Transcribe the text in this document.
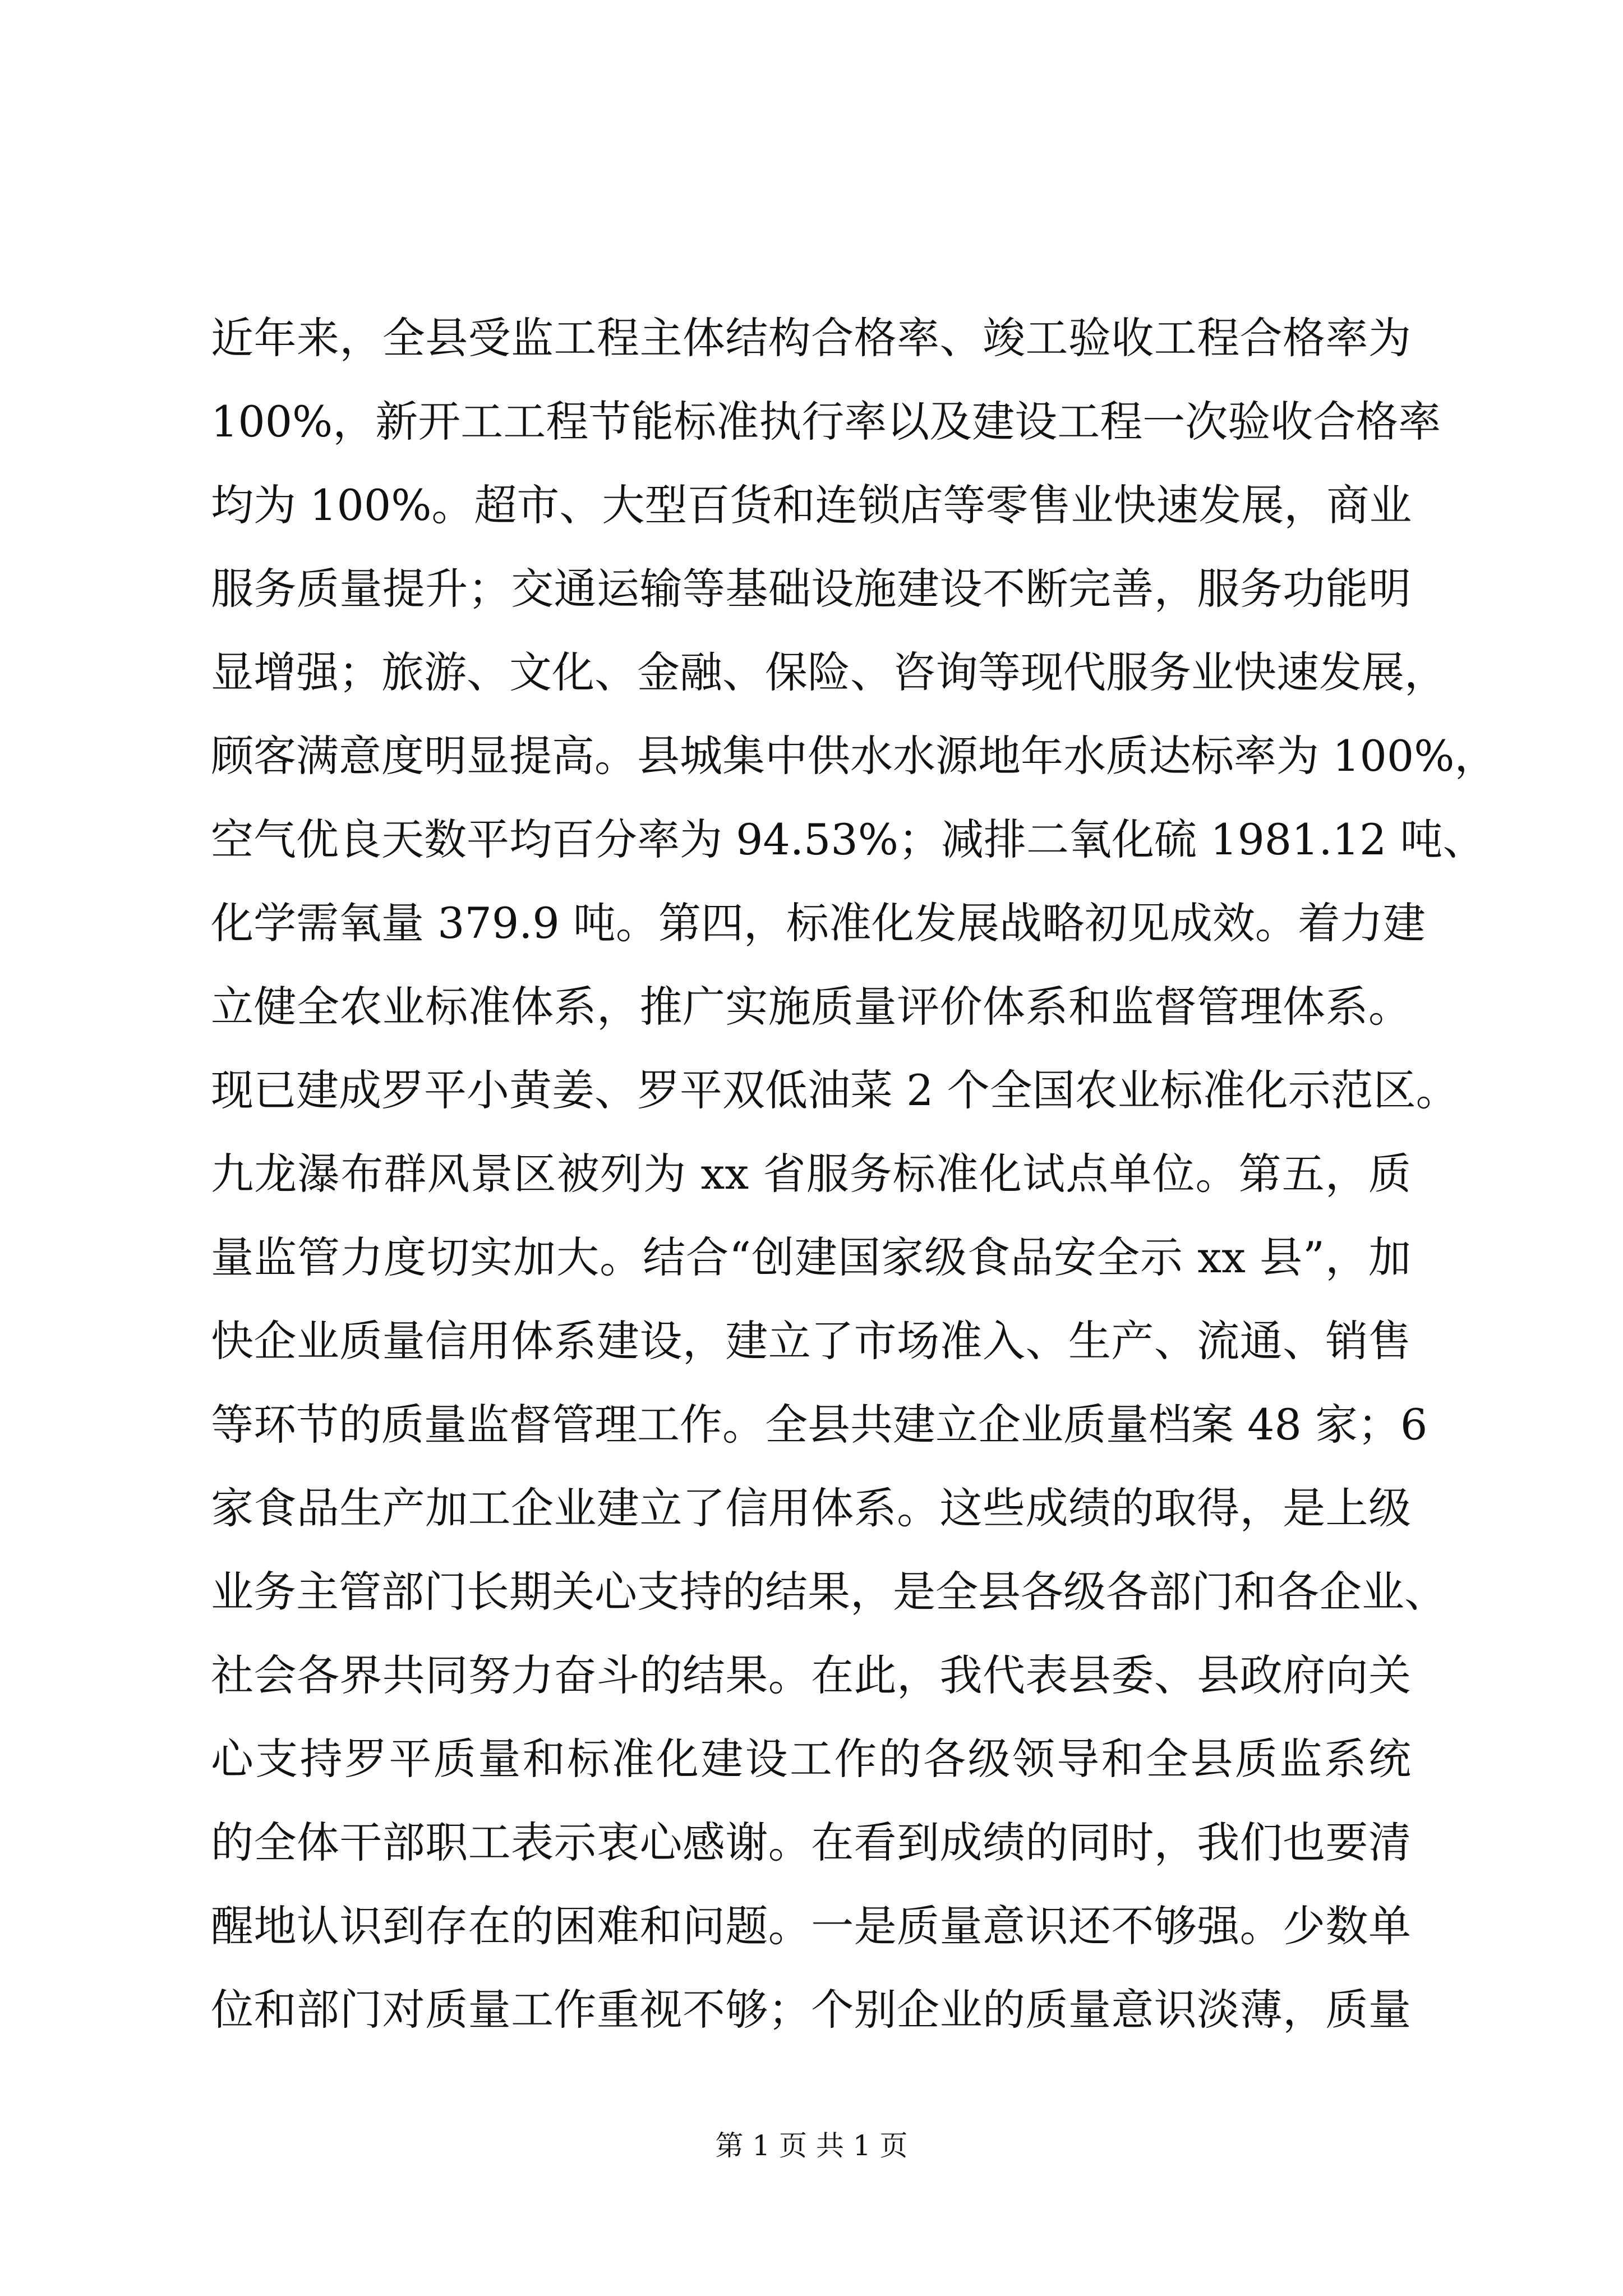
近年来，全县受监工程主体结构合格率、竣工验收工程合格率为
100%，新开工工程节能标准执行率以及建设工程一次验收合格率
均为 100%。超市、大型百货和连锁店等零售业快速发展，商业
服务质量提升；交通运输等基础设施建设不断完善，服务功能明
显增强；旅游、文化、金融、保险、咨询等现代服务业快速发展，
顾客满意度明显提高。县城集中供水水源地年水质达标率为 100%，
空气优良天数平均百分率为 94.53%；减排二氧化硫 1981.12 吨、
化学需氧量 379.9 吨。第四，标准化发展战略初见成效。着力建
立健全农业标准体系，推广实施质量评价体系和监督管理体系。
现已建成罗平小黄姜、罗平双低油菜 2 个全国农业标准化示范区。
九龙瀑布群风景区被列为 xx 省服务标准化试点单位。第五，质
量监管力度切实加大。结合“创建国家级食品安全示 xx 县”，加
快企业质量信用体系建设，建立了市场准入、生产、流通、销售
等环节的质量监督管理工作。全县共建立企业质量档案 48 家；6
家食品生产加工企业建立了信用体系。这些成绩的取得，是上级
业务主管部门长期关心支持的结果，是全县各级各部门和各企业、
社会各界共同努力奋斗的结果。在此，我代表县委、县政府向关
心支持罗平质量和标准化建设工作的各级领导和全县质监系统
的全体干部职工表示衷心感谢。在看到成绩的同时，我们也要清
醒地认识到存在的困难和问题。一是质量意识还不够强。少数单
位和部门对质量工作重视不够；个别企业的质量意识淡薄，质量

第 1 页 共 1 页
